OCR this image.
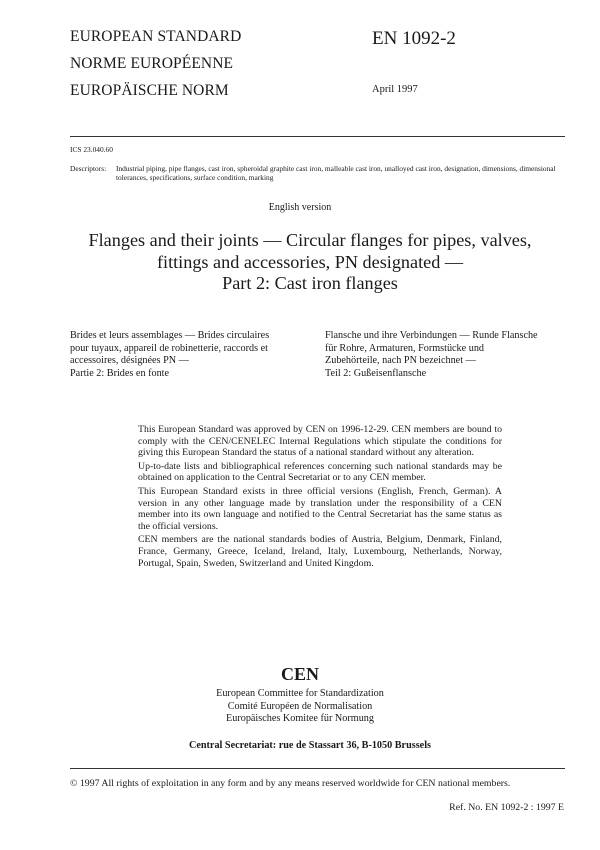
EUROPEAN STANDARD
NORME EUROPÉENNE
EUROPÄISCHE NORM
EN 1092-2
April 1997
ICS 23.040.60
Descriptors: Industrial piping, pipe flanges, cast iron, spheroidal graphite cast iron, malleable cast iron, unalloyed cast iron, designation, dimensions, dimensional tolerances, specifications, surface condition, marking
English version
Flanges and their joints — Circular flanges for pipes, valves,
fittings and accessories, PN designated —
Part 2: Cast iron flanges
Brides et leurs assemblages — Brides circulaires
pour tuyaux, appareil de robinetterie, raccords et
accessoires, désignées PN —
Partie 2: Brides en fonte
Flansche und ihre Verbindungen — Runde Flansche
für Rohre, Armaturen, Formstücke und
Zubehörteile, nach PN bezeichnet —
Teil 2: Gußeisenflansche

This European Standard was approved by CEN on 1996-12-29. CEN members are bound to comply with the CEN/CENELEC Internal Regulations which stipulate the conditions for giving this European Standard the status of a national standard without any alteration.

Up-to-date lists and bibliographical references concerning such national standards may be obtained on application to the Central Secretariat or to any CEN member.

This European Standard exists in three official versions (English, French, German). A version in any other language made by translation under the responsibility of a CEN member into its own language and notified to the Central Secretariat has the same status as the official versions.

CEN members are the national standards bodies of Austria, Belgium, Denmark, Finland, France, Germany, Greece, Iceland, Ireland, Italy, Luxembourg, Netherlands, Norway, Portugal, Spain, Sweden, Switzerland and United Kingdom.

CEN
European Committee for Standardization
Comité Européen de Normalisation
Europäisches Komitee für Normung
Central Secretariat: rue de Stassart 36, B-1050 Brussels
© 1997 All rights of exploitation in any form and by any means reserved worldwide for CEN national members.
Ref. No. EN 1092-2 : 1997 E
